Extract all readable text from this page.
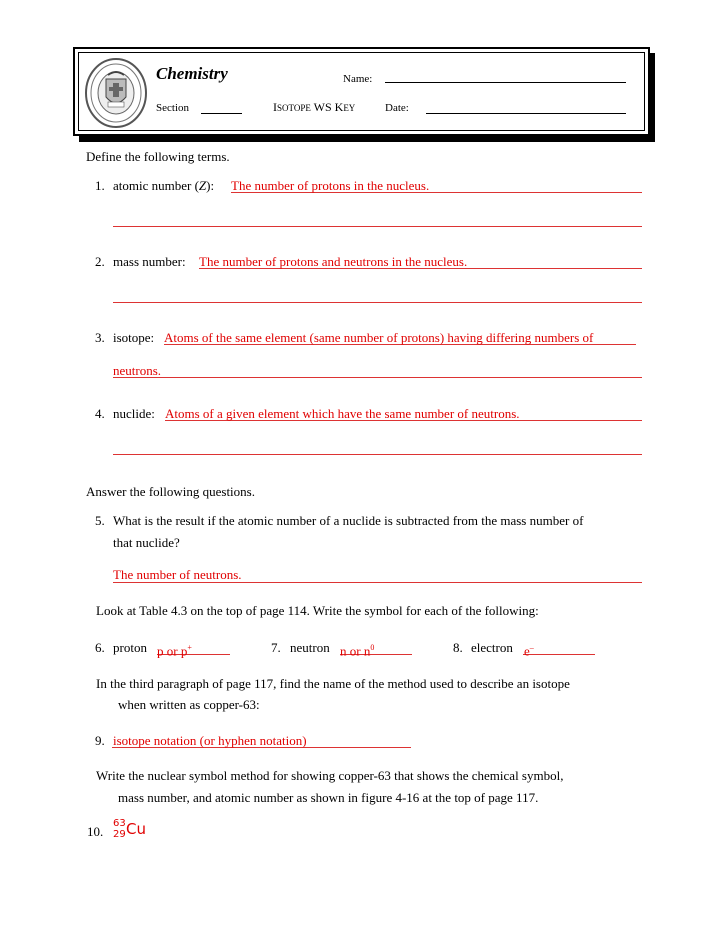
Chemistry	Name:
Section	ISOTOPE WS KEY	Date:
Define the following terms.
1. atomic number (Z): The number of protons in the nucleus.
2. mass number: The number of protons and neutrons in the nucleus.
3. isotope: Atoms of the same element (same number of protons) having differing numbers of
neutrons.
4. nuclide: Atoms of a given element which have the same number of neutrons.
Answer the following questions.
5. What is the result if the atomic number of a nuclide is subtracted from the mass number of
that nuclide?
The number of neutrons.
Look at Table 4.3 on the top of page 114. Write the symbol for each of the following:
6. proton p or p+	7. neutron n or $n^0$	8. electron e–
In the third paragraph of page 117, find the name of the method used to describe an isotope
when written as copper-63:
9. isotope notation (or hyphen notation)
Write the nuclear symbol method for showing copper-63 that shows the chemical symbol,
mass number, and atomic number as shown in figure 4-16 at the top of page 117.
10.
63
29 Cu
